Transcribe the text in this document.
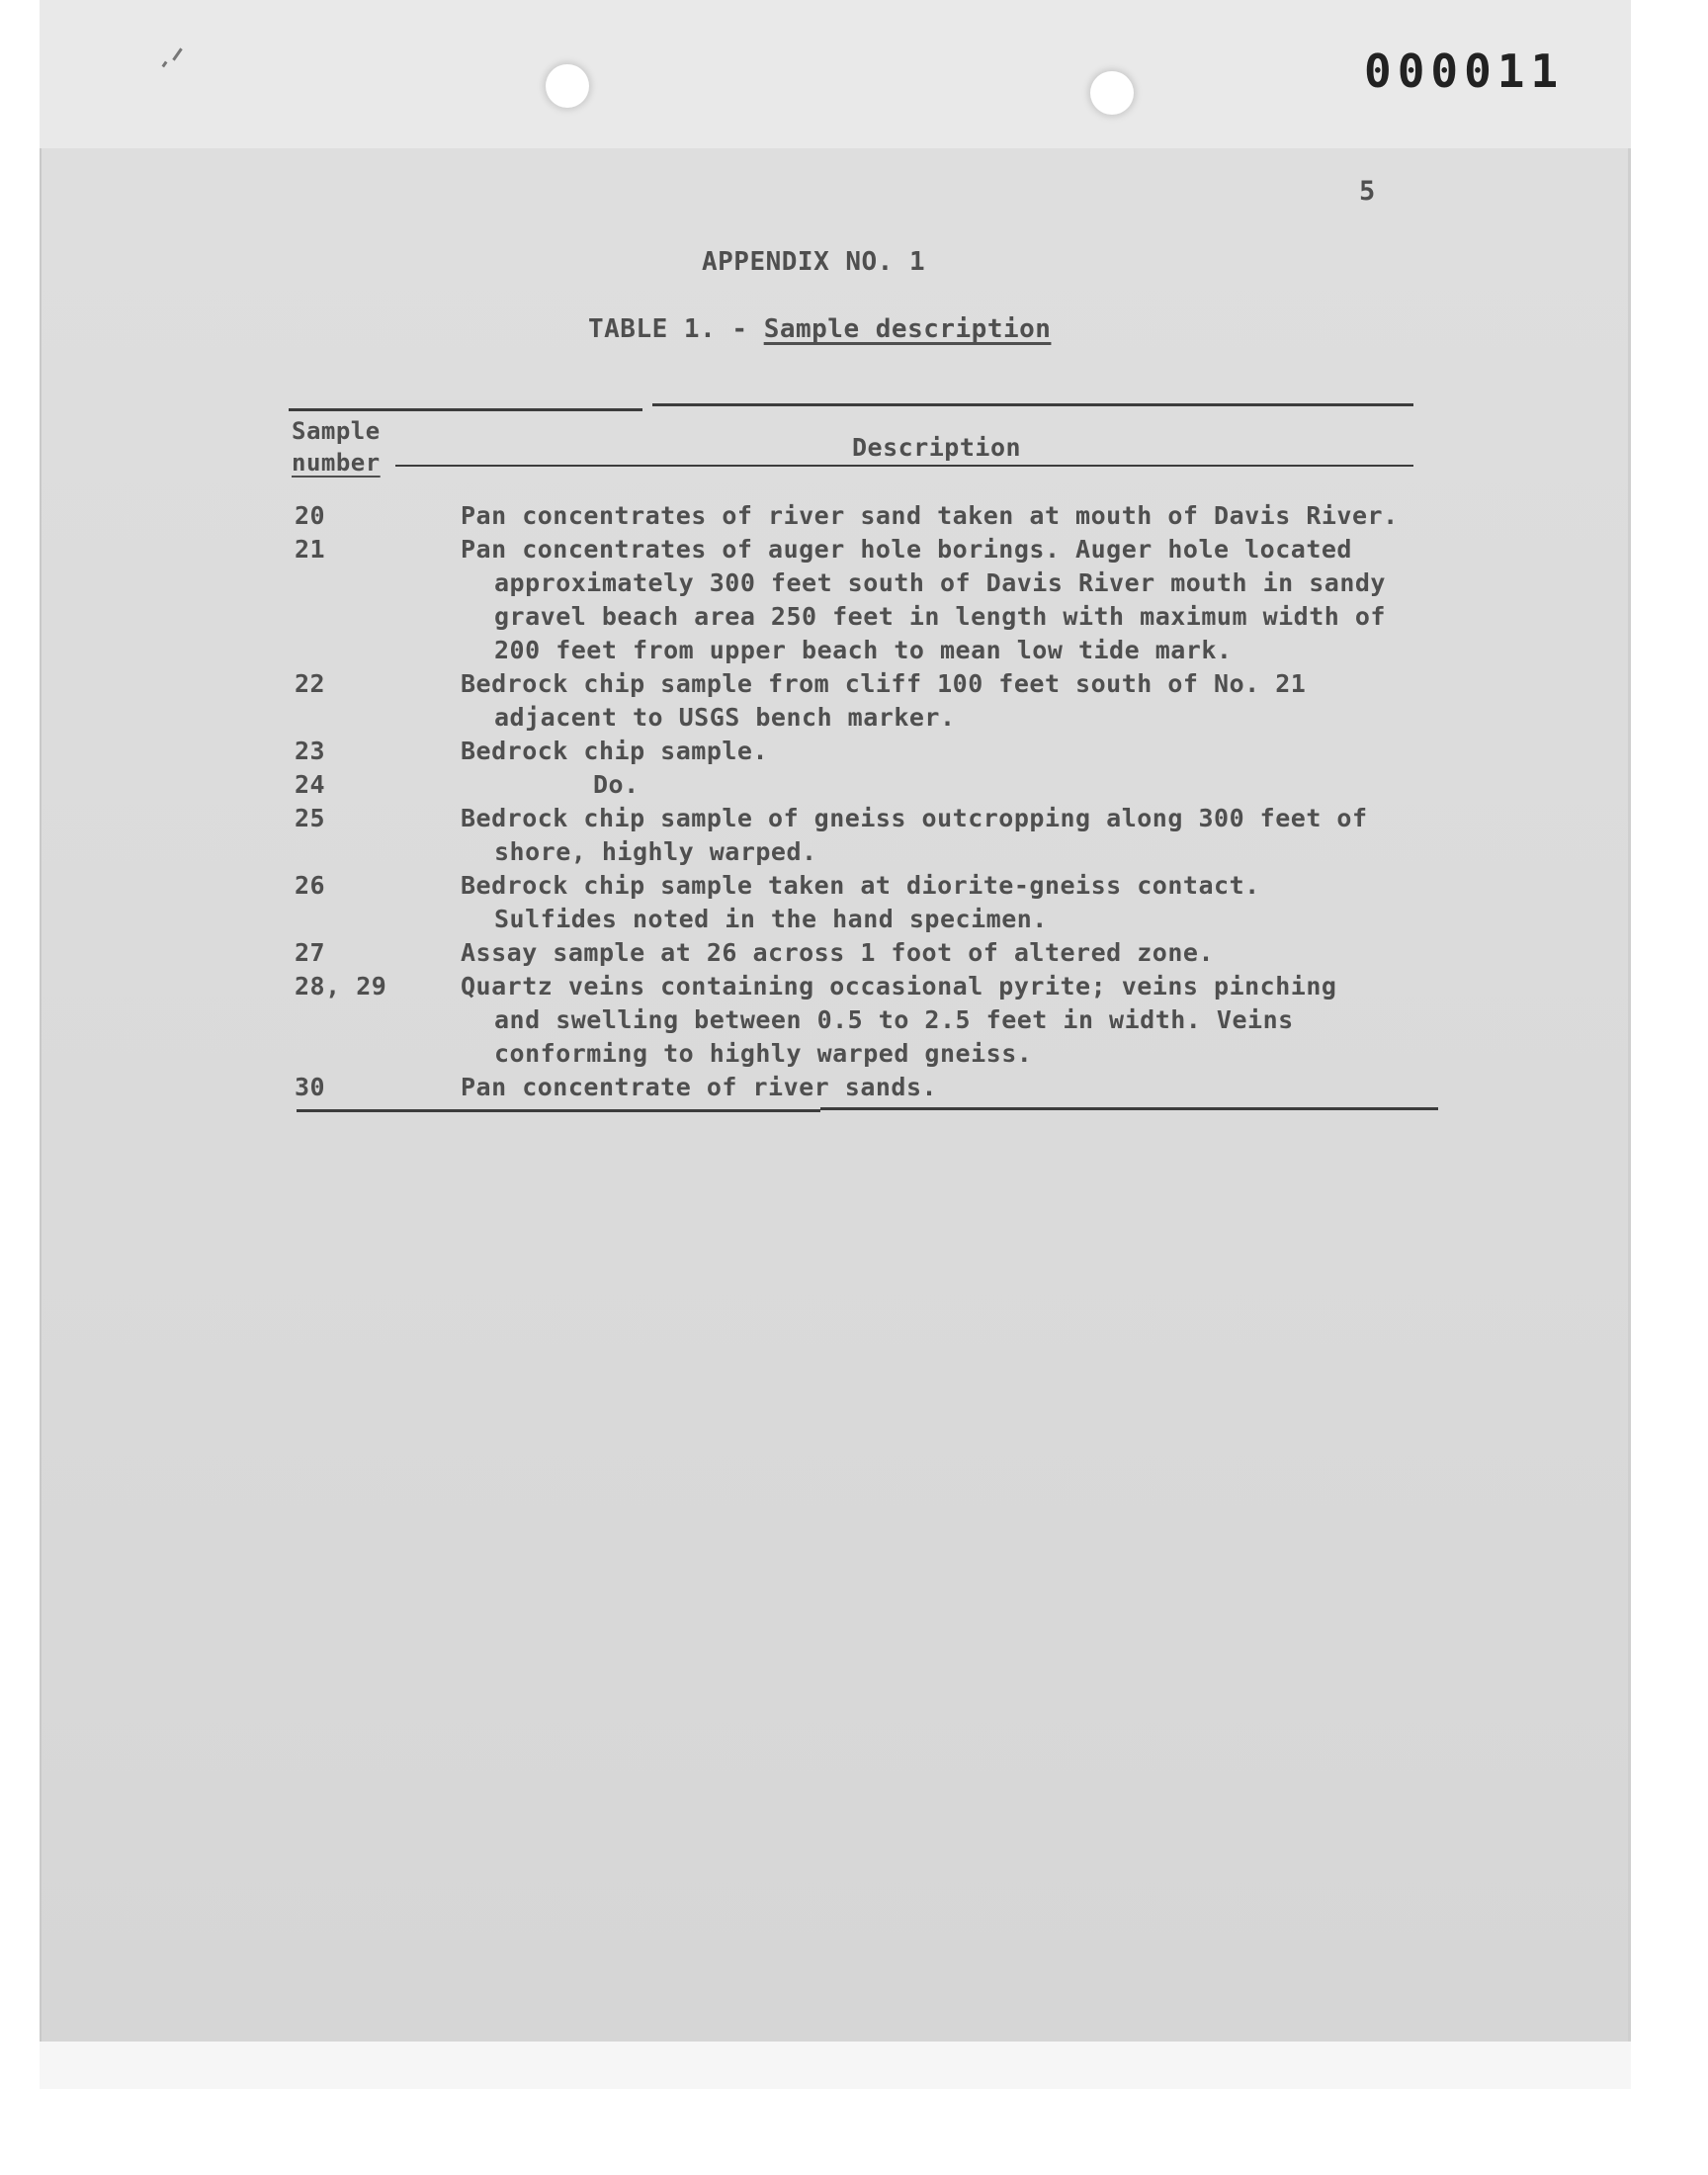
000011
5
APPENDIX NO. 1
TABLE 1. - Sample description
Sample
number
Description
20	Pan concentrates of river sand taken at mouth of Davis River.
21	Pan concentrates of auger hole borings. Auger hole located
approximately 300 feet south of Davis River mouth in sandy
gravel beach area 250 feet in length with maximum width of
200 feet from upper beach to mean low tide mark.
22	Bedrock chip sample from cliff 100 feet south of No. 21
adjacent to USGS bench marker.
23	Bedrock chip sample.
24	Do.
25	Bedrock chip sample of gneiss outcropping along 300 feet of
shore, highly warped.
26	Bedrock chip sample taken at diorite-gneiss contact.
Sulfides noted in the hand specimen.
27	Assay sample at 26 across 1 foot of altered zone.
28, 29	Quartz veins containing occasional pyrite; veins pinching
and swelling between 0.5 to 2.5 feet in width. Veins
conforming to highly warped gneiss.
30	Pan concentrate of river sands.
